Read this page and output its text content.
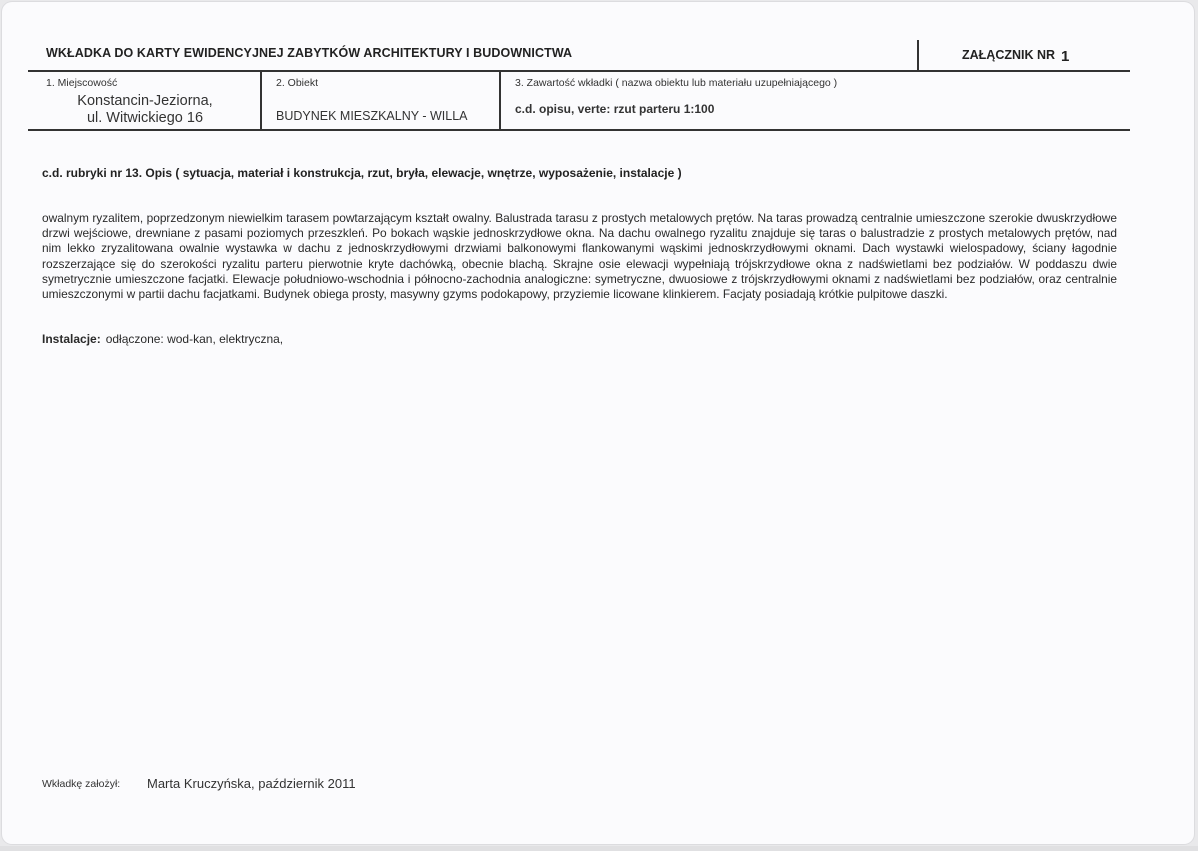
WKŁADKA DO KARTY EWIDENCYJNEJ ZABYTKÓW ARCHITEKTURY I BUDOWNICTWA	ZAŁĄCZNIK NR 1
1. Miejscowość
Konstancin-Jeziorna,
ul. Witwickiego 16
2. Obiekt
BUDYNEK MIESZKALNY - WILLA
3. Zawartość wkładki ( nazwa obiektu lub materiału uzupełniającego )
c.d. opisu, verte: rzut parteru 1:100
c.d. rubryki nr 13. Opis ( sytuacja, materiał i konstrukcja, rzut, bryła, elewacje, wnętrze, wyposażenie, instalacje )
owalnym ryzalitem, poprzedzonym niewielkim tarasem powtarzającym kształt owalny. Balustrada tarasu z prostych metalowych prętów. Na taras prowadzą centralnie umieszczone szerokie dwuskrzydłowe drzwi wejściowe, drewniane z pasami poziomych przeszkleń. Po bokach wąskie jednoskrzydłowe okna. Na dachu owalnego ryzalitu znajduje się taras o balustradzie z prostych metalowych prętów, nad nim lekko zryzalitowana owalnie wystawka w dachu z jednoskrzydłowymi drzwiami balkonowymi flankowanymi wąskimi jednoskrzydłowymi oknami. Dach wystawki wielospadowy, ściany łagodnie rozszerzające się do szerokości ryzalitu parteru pierwotnie kryte dachówką, obecnie blachą. Skrajne osie elewacji wypełniają trójskrzydłowe okna z nadświetlami bez podziałów. W poddaszu dwie symetrycznie umieszczone facjatki. Elewacje południowo-wschodnia i północno-zachodnia analogiczne: symetryczne, dwuosiowe z trójskrzydłowymi oknami z nadświetlami bez podziałów, oraz centralnie umieszczonymi w partii dachu facjatkami. Budynek obiega prosty, masywny gzyms podokapowy, przyziemie licowane klinkierem. Facjaty posiadają krótkie pulpitowe daszki.
Instalacje: odłączone: wod-kan, elektryczna,
Wkładkę założył: Marta Kruczyńska, październik 2011
